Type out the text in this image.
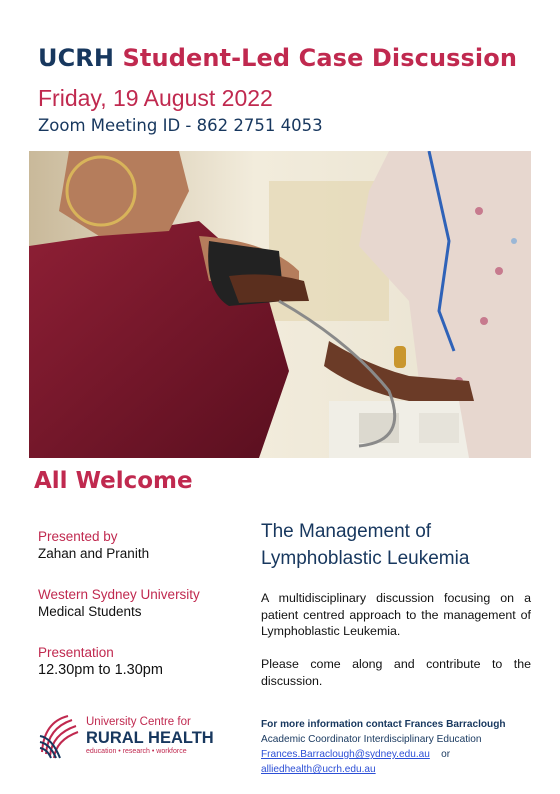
UCRH Student-Led Case Discussion
Friday, 19 August 2022
Zoom Meeting ID - 862 2751 4053
All Welcome

Presented by

Zahan and Pranith

Western Sydney University

Medical Students

Presentation

12.30pm to 1.30pm

The Management of
Lymphoblastic Leukemia

A multidisciplinary discussion focusing on a patient centred approach to the management of Lymphoblastic Leukemia.

Please come along and contribute to the discussion.

For more information contact Frances Barraclough
Academic Coordinator Interdisciplinary Education
Frances.Barraclough@sydney.edu.au or
alliedhealth@ucrh.edu.au
University Centre for
RURAL HEALTH
education • research • workforce
